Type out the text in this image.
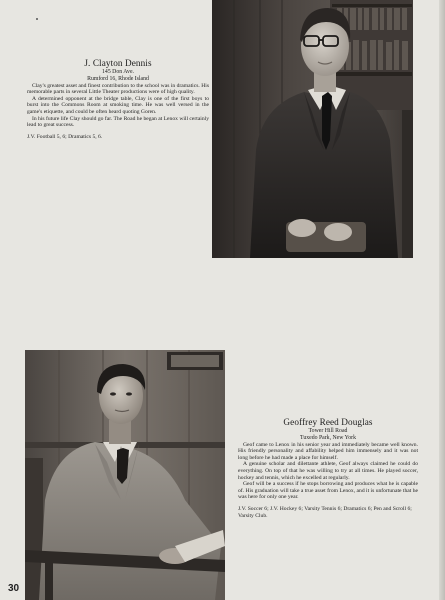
J. Clayton Dennis
145 Don Ave.
Rumford 16, Rhode Island

Clay's greatest asset and finest contribution to the school was in dramatics. His memorable parts in several Little Theater productions were of high quality.

A determined opponent at the bridge table, Clay is one of the first boys to burst into the Commons Room at smoking time. He was well versed in the game's etiquette, and could be often heard quoting Goren.

In his future life Clay should go far. The Road he began at Lenox will certainly lead to great success.

J.V. Football 5, 6; Dramatics 5, 6.

Geoffrey Reed Douglas
Tower Hill Road
Tuxedo Park, New York

Geof came to Lenox in his senior year and immediately became well known. His friendly personality and affability helped him immensely and it was not long before he had made a place for himself.

A genuine scholar and dilettante athlete, Geof always claimed he could do everything. On top of that he was willing to try at all times. He played soccer, hockey and tennis, which he excelled at regularly.

Geof will be a success if he stops borrowing and produces what he is capable of. His graduation will take a true asset from Lenox, and it is unfortunate that he was here for only one year.

J.V. Soccer 6; J.V. Hockey 6; Varsity Tennis 6; Dramatics 6; Pen and Scroll 6; Varsity Club.

30
